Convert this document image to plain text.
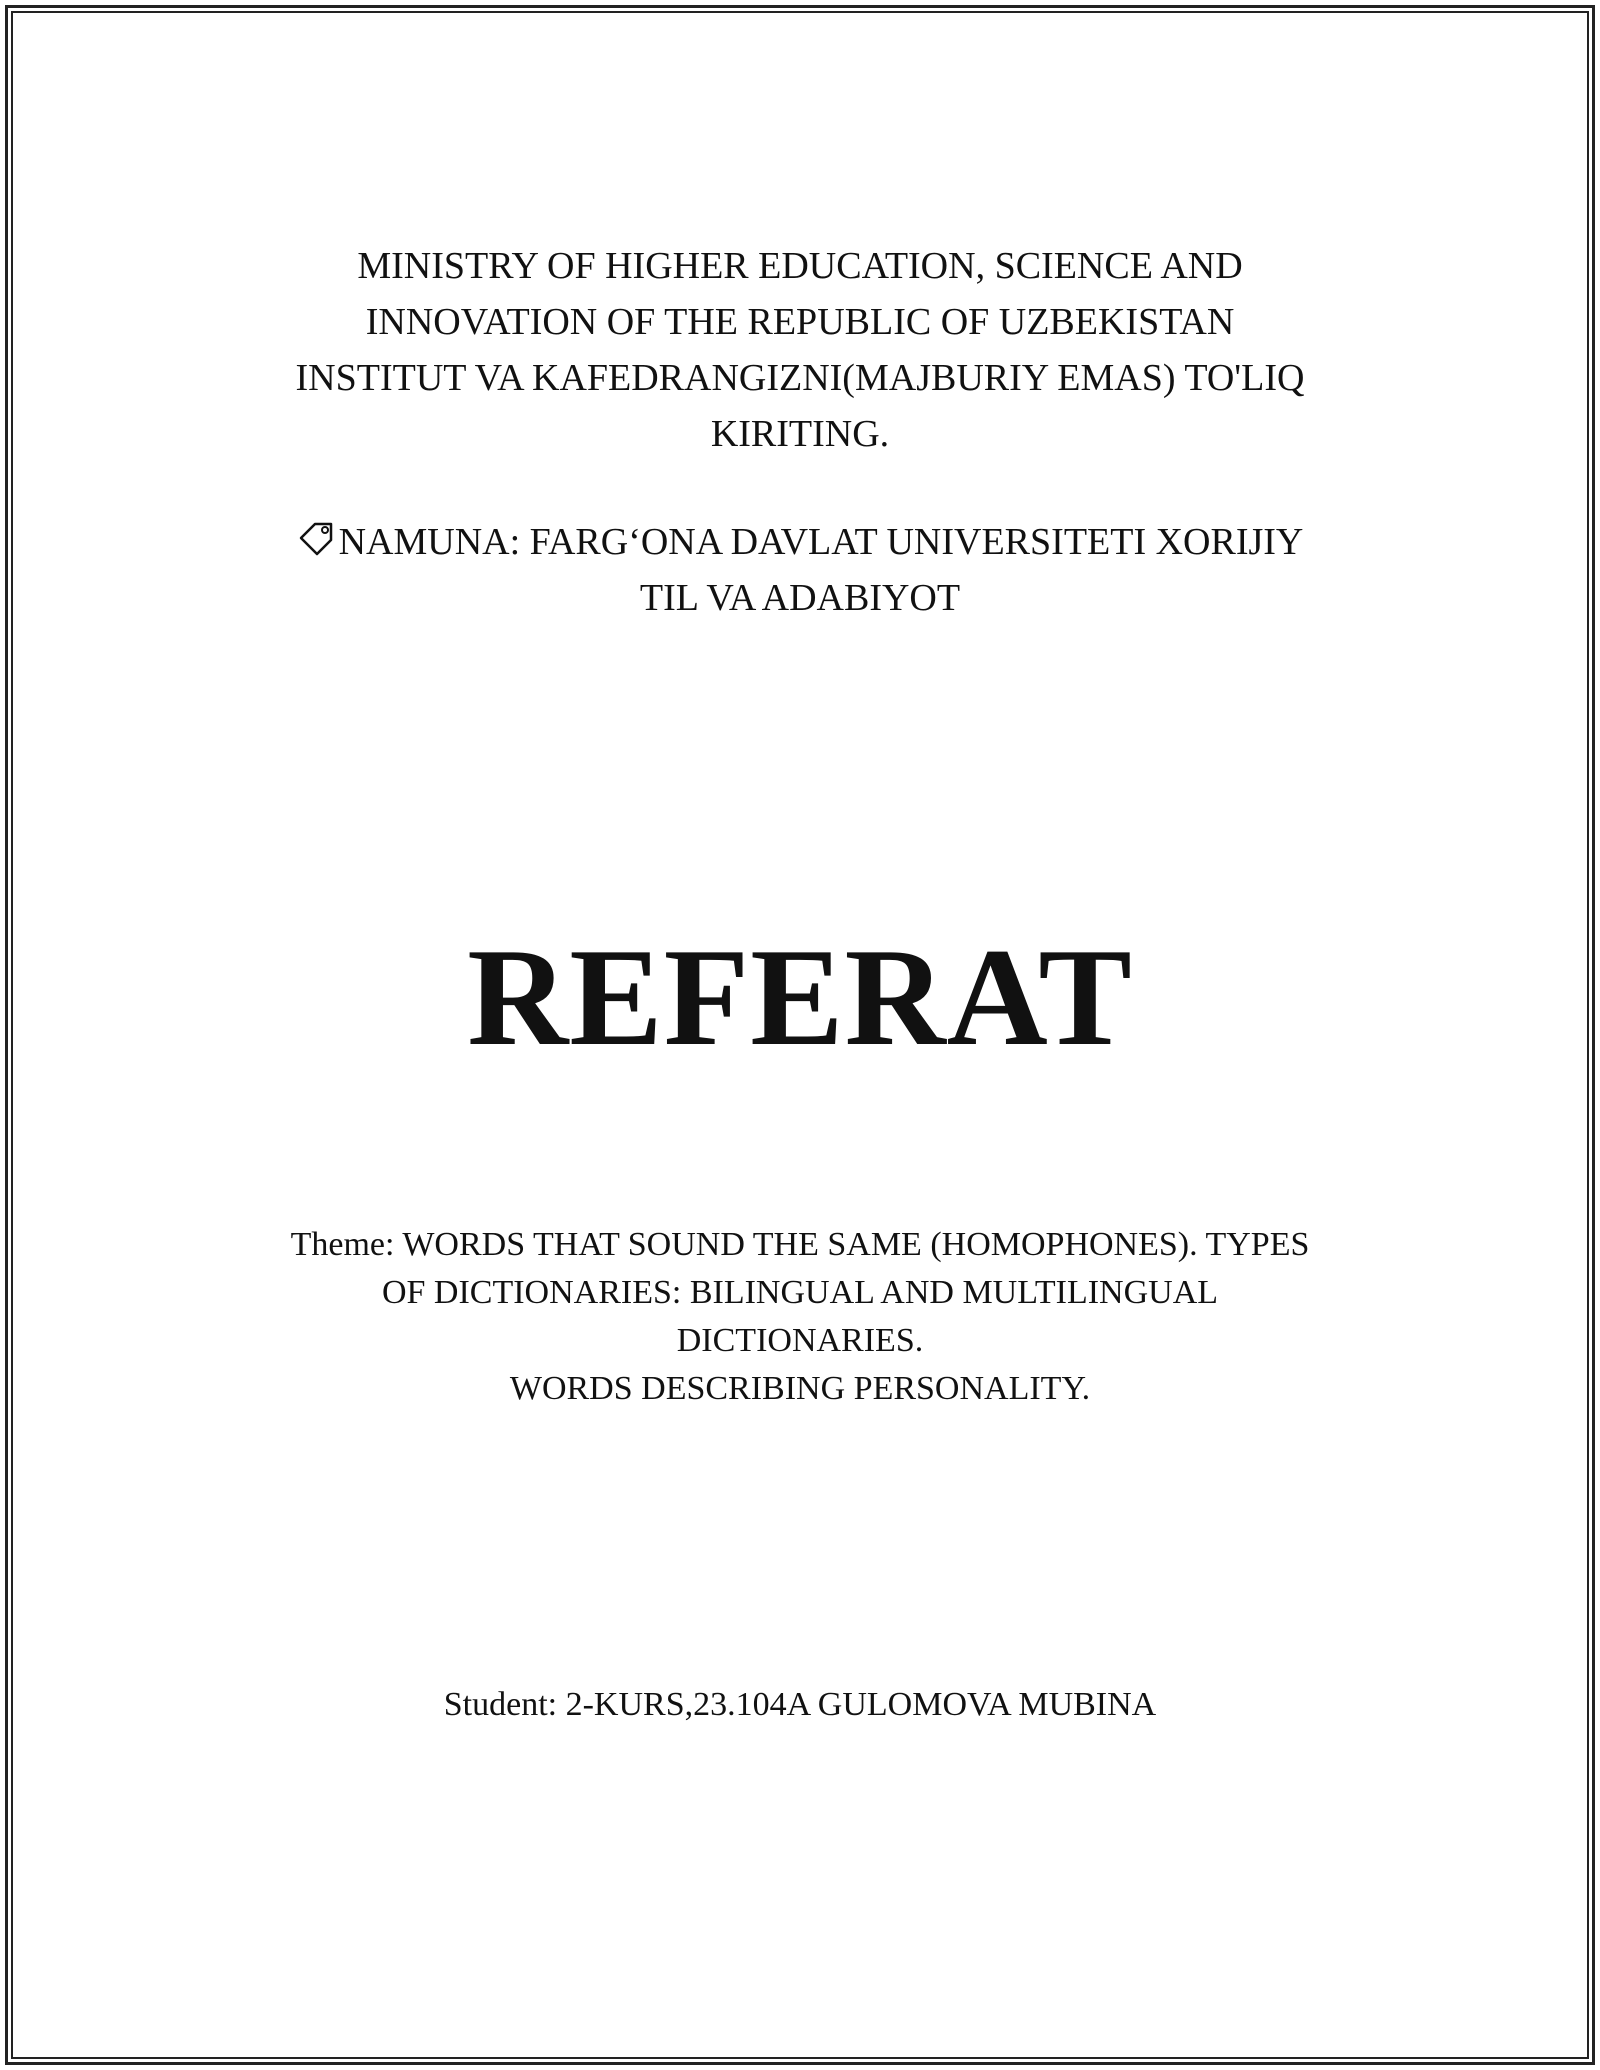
MINISTRY OF HIGHER EDUCATION, SCIENCE AND
INNOVATION OF THE REPUBLIC OF UZBEKISTAN
INSTITUT VA KAFEDRANGIZNI(MAJBURIY EMAS) TO'LIQ
KIRITING.
NAMUNA: FARG‘ONA DAVLAT UNIVERSITETI XORIJIY
TIL VA ADABIYOT
REFERAT
Theme: WORDS THAT SOUND THE SAME (HOMOPHONES). TYPES
OF DICTIONARIES: BILINGUAL AND MULTILINGUAL
DICTIONARIES.
WORDS DESCRIBING PERSONALITY.
Student: 2-KURS,23.104A GULOMOVA MUBINA
